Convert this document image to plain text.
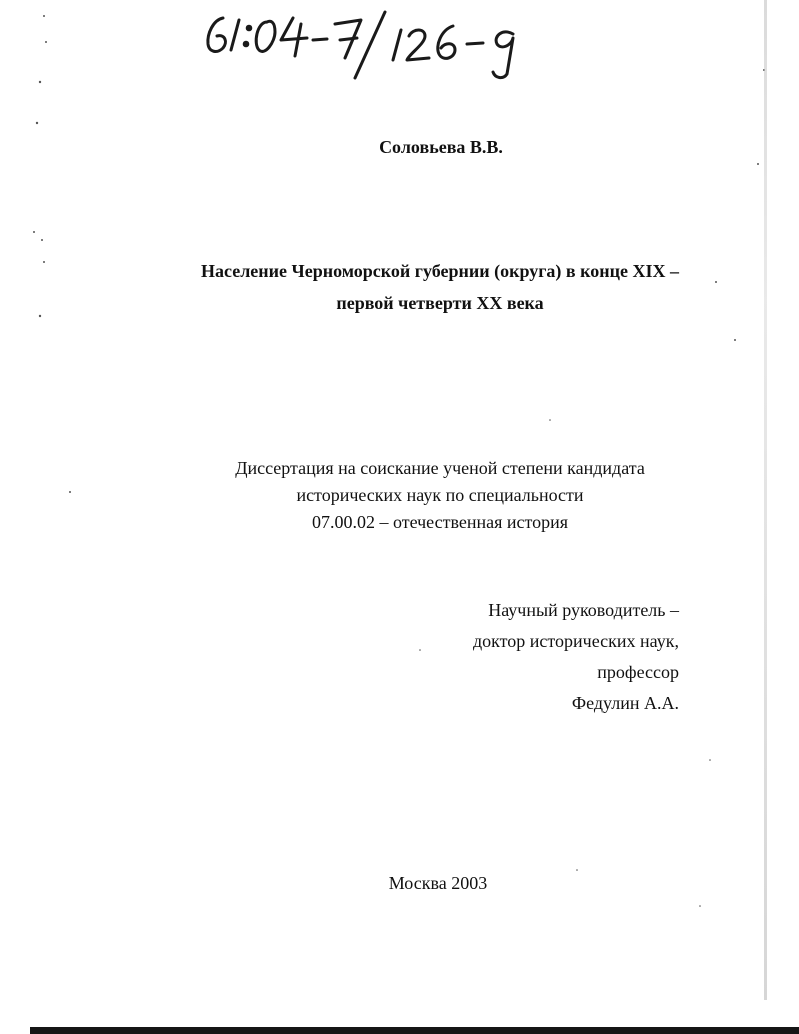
Соловьева В.В.
Население Черноморской губернии (округа) в конце XIX –
первой четверти XX века
Диссертация на соискание ученой степени кандидата
исторических наук по специальности
07.00.02 – отечественная история
Научный руководитель –
доктор исторических наук,
профессор
Федулин А.А.
Москва 2003
